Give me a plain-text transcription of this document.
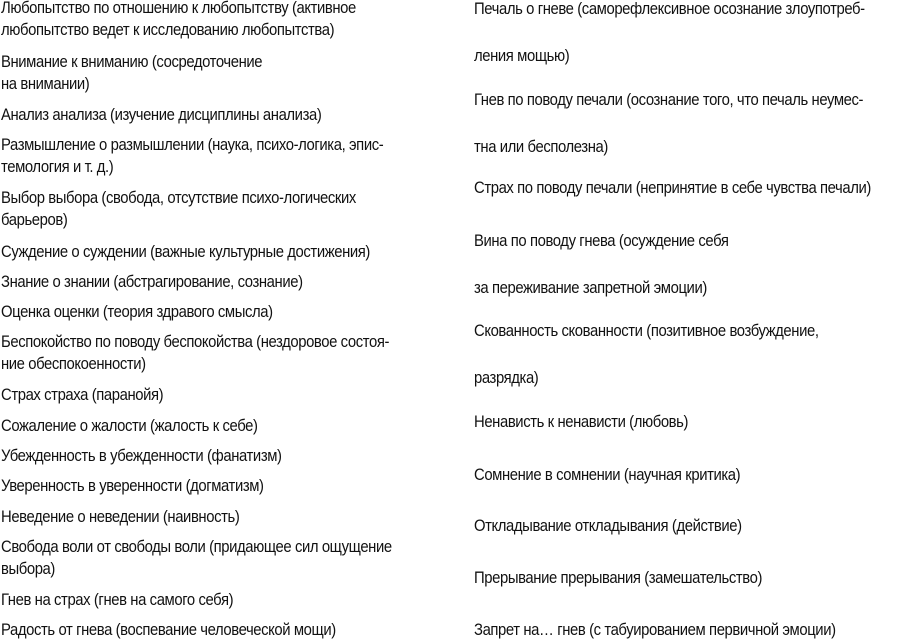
Любопытство по отношению к любопытству (активное
любопытство ведет к исследованию любопытства)
Внимание к вниманию (сосредоточение
на внимании)
Анализ анализа (изучение дисциплины анализа)
Размышление о размышлении (наука, психо-логика, эпис-
темология и т. д.)
Выбор выбора (свобода, отсутствие психо-логических
барьеров)
Суждение о суждении (важные культурные достижения)
Знание о знании (абстрагирование, сознание)
Оценка оценки (теория здравого смысла)
Беспокойство по поводу беспокойства (нездоровое состоя-
ние обеспокоенности)
Страх страха (паранойя)
Сожаление о жалости (жалость к себе)
Убежденность в убежденности (фанатизм)
Уверенность в уверенности (догматизм)
Неведение о неведении (наивность)
Свобода воли от свободы воли (придающее сил ощущение
выбора)
Гнев на страх (гнев на самого себя)
Радость от гнева (воспевание человеческой мощи)
Печаль о гневе (саморефлексивное осознание злоупотреб-
ления мощью)
Гнев по поводу печали (осознание того, что печаль неумес-
тна или бесполезна)
Страх по поводу печали (непринятие в себе чувства печали)
Вина по поводу гнева (осуждение себя
за переживание запретной эмоции)
Скованность скованности (позитивное возбуждение,
разрядка)
Ненависть к ненависти (любовь)
Сомнение в сомнении (научная критика)
Откладывание откладывания (действие)
Прерывание прерывания (замешательство)
Запрет на… гнев (с табуированием первичной эмоции)
